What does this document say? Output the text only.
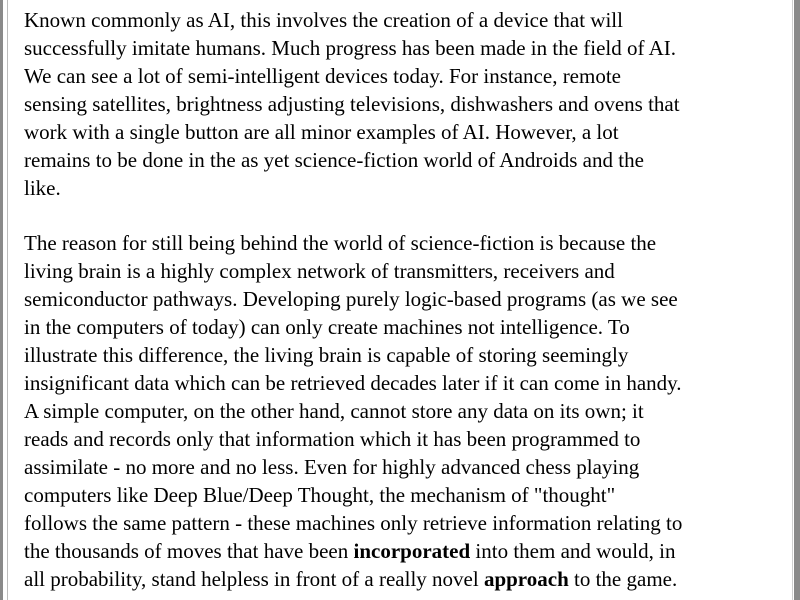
Known commonly as AI, this involves the creation of a device that will
successfully imitate humans. Much progress has been made in the field of AI.
We can see a lot of semi-intelligent devices today. For instance, remote
sensing satellites, brightness adjusting televisions, dishwashers and ovens that
work with a single button are all minor examples of AI. However, a lot
remains to be done in the as yet science-fiction world of Androids and the
like.
The reason for still being behind the world of science-fiction is because the
living brain is a highly complex network of transmitters, receivers and
semiconductor pathways. Developing purely logic-based programs (as we see
in the computers of today) can only create machines not intelligence. To
illustrate this difference, the living brain is capable of storing seemingly
insignificant data which can be retrieved decades later if it can come in handy.
A simple computer, on the other hand, cannot store any data on its own; it
reads and records only that information which it has been programmed to
assimilate - no more and no less. Even for highly advanced chess playing
computers like Deep Blue/Deep Thought, the mechanism of "thought"
follows the same pattern - these machines only retrieve information relating to
the thousands of moves that have been incorporated into them and would, in
all probability, stand helpless in front of a really novel approach to the game.
